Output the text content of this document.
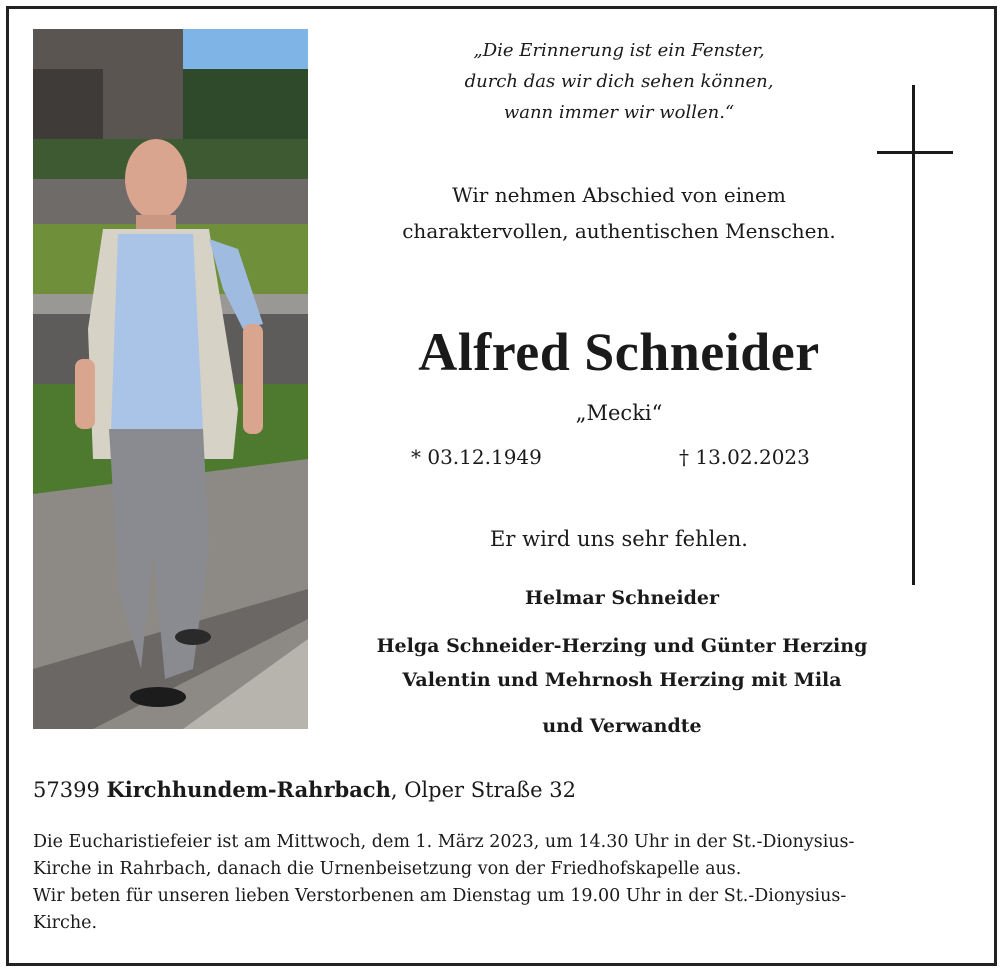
„Die Erinnerung ist ein Fenster,
durch das wir dich sehen können,
wann immer wir wollen.“
Wir nehmen Abschied von einem
charaktervollen, authentischen Menschen.
Alfred Schneider
„Mecki“
* 03.12.1949	† 13.02.2023
Er wird uns sehr fehlen.
Helmar Schneider
Helga Schneider-Herzing und Günter Herzing
Valentin und Mehrnosh Herzing mit Mila
und Verwandte
57399 Kirchhundem-Rahrbach, Olper Straße 32
Die Eucharistiefeier ist am Mittwoch, dem 1. März 2023, um 14.30 Uhr in der St.-Dionysius-
Kirche in Rahrbach, danach die Urnenbeisetzung von der Friedhofskapelle aus.
Wir beten für unseren lieben Verstorbenen am Dienstag um 19.00 Uhr in der St.-Dionysius-
Kirche.
